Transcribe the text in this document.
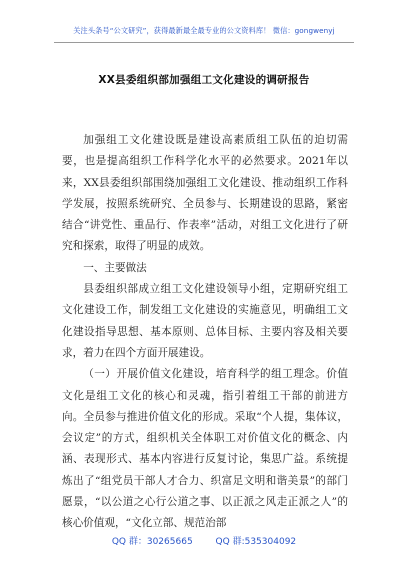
关注头条号“公文研究”，获得最新最全最专业的公文资料库！ 微信：gongwenyj
XX县委组织部加强组工文化建设的调研报告

加强组工文化建设既是建设高素质组工队伍的迫切需要，也是提高组织工作科学化水平的必然要求。2021年以来，XX县委组织部围绕加强组工文化建设、推动组织工作科学发展，按照系统研究、全员参与、长期建设的思路，紧密结合“讲党性、重品行、作表率”活动，对组工文化进行了研究和探索，取得了明显的成效。

一、主要做法

县委组织部成立组工文化建设领导小组，定期研究组工文化建设工作，制发组工文化建设的实施意见，明确组工文化建设指导思想、基本原则、总体目标、主要内容及相关要求，着力在四个方面开展建设。

（一）开展价值文化建设，培育科学的组工理念。价值文化是组工文化的核心和灵魂，指引着组工干部的前进方向。全员参与推进价值文化的形成。采取“个人提，集体议，会议定”的方式，组织机关全体职工对价值文化的概念、内涵、表现形式、基本内容进行反复讨论，集思广益。系统提炼出了“组党员干部人才合力、织富足文明和谐美景”的部门愿景，“以公道之心行公道之事、以正派之风走正派之人”的核心价值观，“文化立部、规范治部

QQ 群：30265665	QQ 群:535304092
